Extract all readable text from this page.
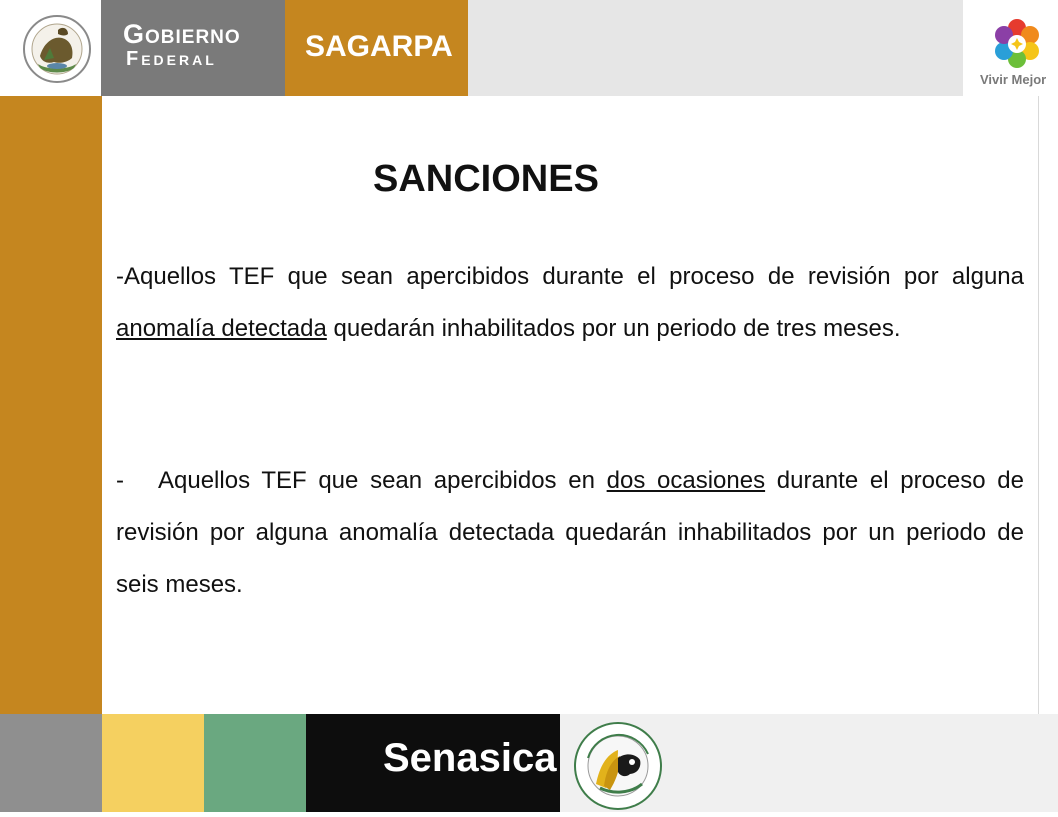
Gobierno
Federal	SAGARPA
Vivir Mejor
SANCIONES

-Aquellos TEF que sean apercibidos durante el proceso de revisión por alguna anomalía detectada quedarán inhabilitados por un periodo de tres meses.

- Aquellos TEF que sean apercibidos en dos ocasiones durante el proceso de revisión por alguna anomalía detectada quedarán inhabilitados por un periodo de seis meses.

Senasica
